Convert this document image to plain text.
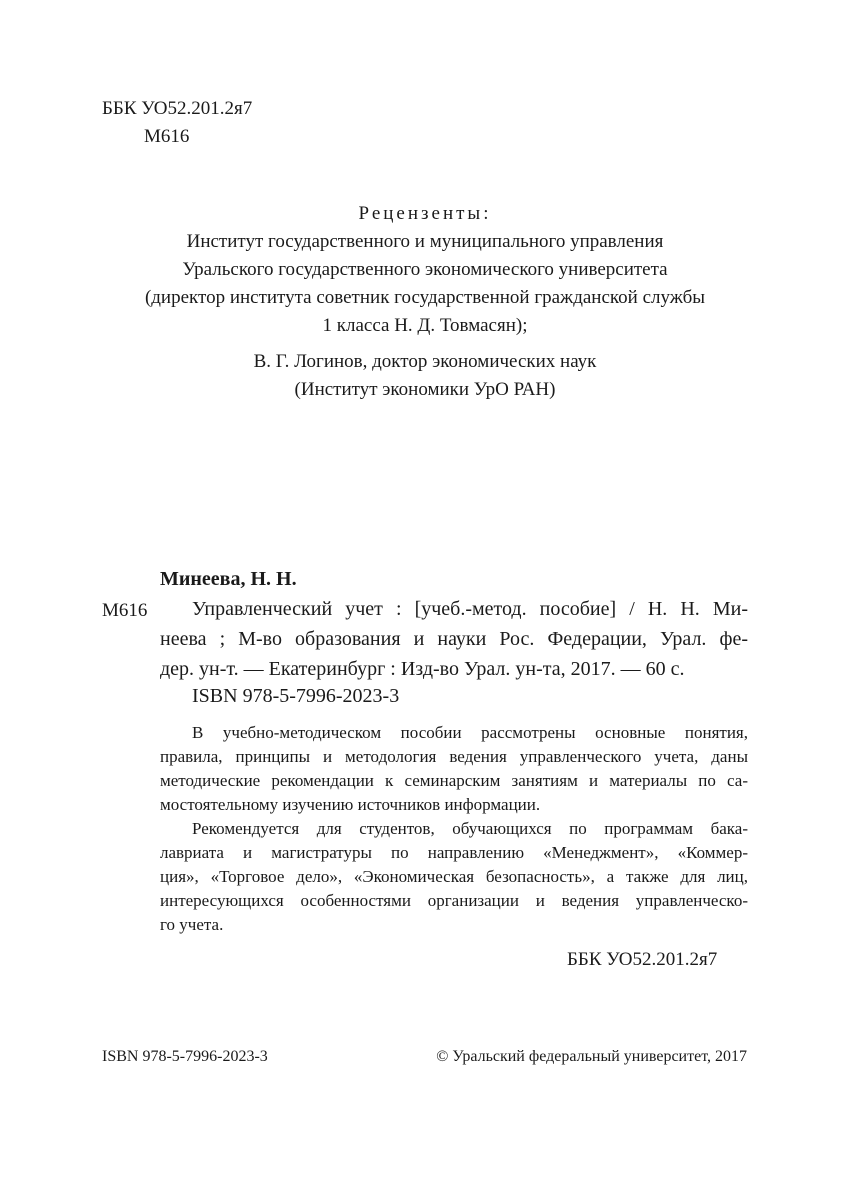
ББК УО52.201.2я7
М616
Рецензенты:
Институт государственного и муниципального управления
Уральского государственного экономического университета
(директор института советник государственной гражданской службы
1 класса Н. Д. Товмасян);
В. Г. Логинов, доктор экономических наук
(Институт экономики УрО РАН)
Минеева, Н. Н.
М616	Управленческий учет : [учеб.-метод. пособие] / Н. Н. Ми-
неева ; М-во образования и науки Рос. Федерации, Урал. фе-
дер. ун-т. — Екатеринбург : Изд-во Урал. ун-та, 2017. — 60 с.
ISBN 978-5-7996-2023-3
В учебно-методическом пособии рассмотрены основные понятия,
правила, принципы и методология ведения управленческого учета, даны
методические рекомендации к семинарским занятиям и материалы по са-
мостоятельному изучению источников информации.
Рекомендуется для студентов, обучающихся по программам бака-
лавриата и магистратуры по направлению «Менеджмент», «Коммер-
ция», «Торговое дело», «Экономическая безопасность», а также для лиц,
интересующихся особенностями организации и ведения управленческо-
го учета.
ББК УО52.201.2я7
ISBN 978-5-7996-2023-3	© Уральский федеральный университет, 2017
